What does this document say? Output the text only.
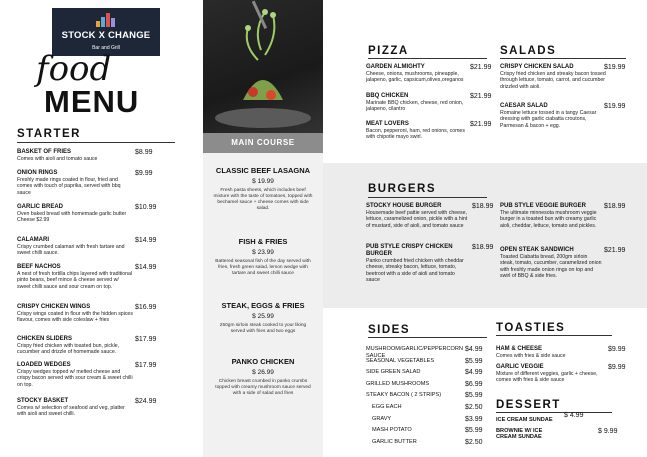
STOCK X CHANGE
Bar and Grill
food
MENU
STARTER
BASKET OF FRIES
Comes with aioli and tomato sauce
$8.99
ONION RINGS
Freshly made rings coated in flour, fried and comes with touch of paprika, served with bbq sauce
$9.99
GARLIC BREAD
Oven baked bread with homemade garlic butter Cheese $2.99
$10.99
CALAMARI
Crispy crumbed calamari with fresh tartare and sweet chilli sauce.
$14.99
BEEF NACHOS
A nest of fresh tortilla chips layered with traditional pinto beans, beef mince & cheese served w/ sweet chilli sauce and sour cream on top.
$14.99
CRISPY CHICKEN WINGS
Crispy wings coated in flour with the hidden spices flavour, comes with side coleslaw + fries
$16.99
CHICKEN SLIDERS
Crispy fried chicken with toasted bun, pickle, cucumber and drizzle of homemade sauce.
$17.99
LOADED WEDGES
Crispy wedges topped w/ melted cheese and crispy bacon served with sour cream & sweet chilli on top.
$17.99
STOCKY BASKET
Comes w/ selection of seafood and veg, platter with aioli and sweet chilli.
$24.99
MAIN COURSE
CLASSIC BEEF LASAGNA
$ 19.99
Fresh pasta sheets, which includes beef mixture with the taste of tomatoes, topped with bechamel sauce + cheese comes with side salad.
FISH & FRIES
$ 23.99
Battered seasonal fish of the day served with fries, fresh green salad, lemon wedge with tartare and sweet chilli sauce
STEAK, EGGS & FRIES
$ 25.99
250gm sirloin steak cooked to your liking served with fries and two eggs
PANKO CHICKEN
$ 26.99
Chicken breast crumbed in panko crumbs topped with creamy mushroom sauce served with a side of salad and fries
PIZZA
GARDEN ALMIGHTY
Cheese, onions, mushrooms, pineapple, jalapeno, garlic, capsicum,olives,oreganos
$21.99
BBQ CHICKEN
Marinate BBQ chicken, cheese, red onion, jalapeno, cilantro
$21.99
MEAT LOVERS
Bacon, pepperoni, ham, red onions, comes with chipotle mayo swirl.
$21.99
SALADS
CRISPY CHICKEN SALAD
Crispy fried chicken and streaky bacon tossed through lettuce, tomato, carrot, and cucumber drizzled with aioli.
$19.99
CAESAR SALAD
Romaine lettuce tossed in a tangy Caesar dressing with garlic ciabatta croutons, Parmesan & bacon + egg.
$19.99
BURGERS
STOCKY HOUSE BURGER
Housemade beef pattie served with cheese, lettuce, caramelized onion, pickle with a hint of mustard, side of aioli, and tomato sauce
$18.99
PUB STYLE CRISPY CHICKEN BURGER
Panko crumbed fried chicken with cheddar cheese, streaky bacon, lettuce, tomato, beetroot with a side of aioli and tomato sauce
$18.99
PUB STYLE VEGGIE BURGER
The ultimate minnesota mushroom veggie burger in a toasted bun with creamy garlic aioli, cheddar, lettuce, tomato and pickles.
$18.99
OPEN STEAK SANDWICH
Toasted Ciabatta bread, 200gm sirloin steak, tomato, cucumber, caramelized onion with freshly made onion rings on top and swirl of BBQ & side fries.
$21.99
SIDES
MUSHROOM/GARLIC/PEPPERCORN SAUCE
$4.99
SEASONAL VEGETABLES	$5.99
SIDE GREEN SALAD	$4.99
GRILLED MUSHROOMS	$6.99
STEAKY BACON ( 2 STRIPS)	$5.99
EGG EACH	$2.50
GRAVY	$3.99
MASH POTATO	$5.99
GARLIC BUTTER	$2.50
TOASTIES
HAM & CHEESE
Comes with fries & side sauce
$9.99
GARLIC VEGGIE
Mixture of different veggies, garlic + cheese, comes with fries & side sauce
$9.99
DESSERT
ICE CREAM SUNDAE
$ 4.99
BROWNIE W/ ICE CREAM SUNDAE
$ 9.99
